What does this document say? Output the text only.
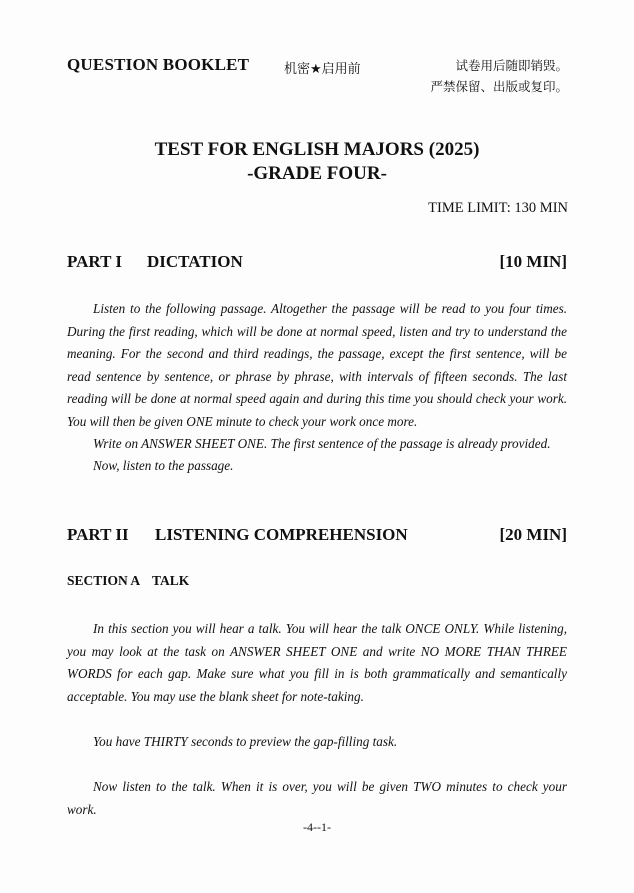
QUESTION BOOKLET	机密★启用前	试卷用后随即销毁。
严禁保留、出版或复印。
TEST FOR ENGLISH MAJORS (2025)
-GRADE FOUR-
TIME LIMIT: 130 MIN
PART I DICTATION	[10 MIN]

Listen to the following passage. Altogether the passage will be read to you four times. During the first reading, which will be done at normal speed, listen and try to understand the meaning. For the second and third readings, the passage, except the first sentence, will be read sentence by sentence, or phrase by phrase, with intervals of fifteen seconds. The last reading will be done at normal speed again and during this time you should check your work. You will then be given ONE minute to check your work once more.

Write on ANSWER SHEET ONE. The first sentence of the passage is already provided.

Now, listen to the passage.

PART II LISTENING COMPREHENSION	[20 MIN]
SECTION A TALK

In this section you will hear a talk. You will hear the talk ONCE ONLY. While listening, you may look at the task on ANSWER SHEET ONE and write NO MORE THAN THREE WORDS for each gap. Make sure what you fill in is both grammatically and semantically acceptable. You may use the blank sheet for note-taking.

You have THIRTY seconds to preview the gap-filling task.

Now listen to the talk. When it is over, you will be given TWO minutes to check your work.

-4--1-
